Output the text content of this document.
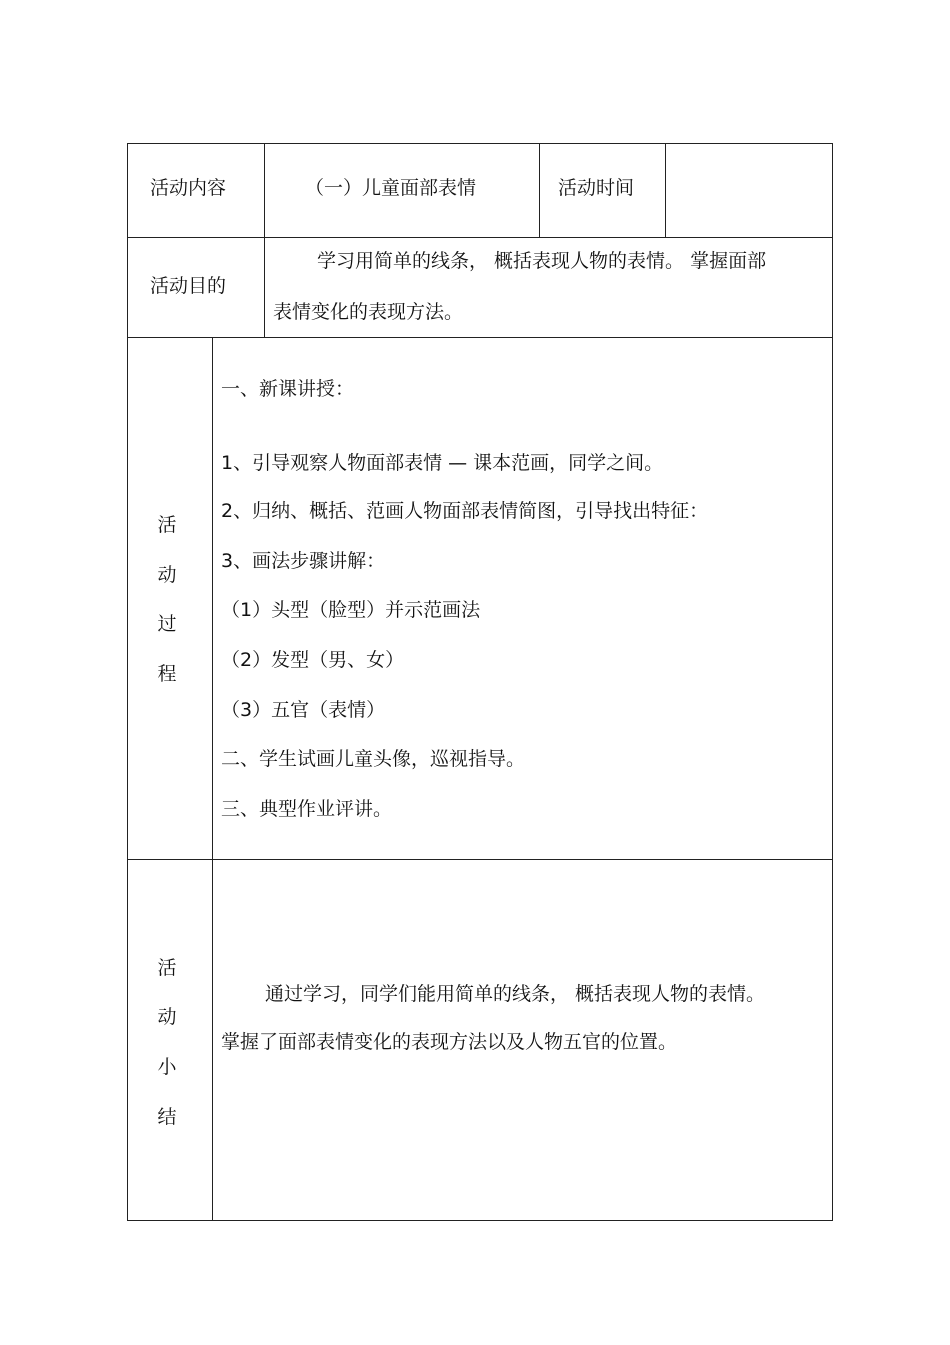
活动内容	（一）儿童面部表情	活动时间
活动目的
学习用简单的线条， 概括表现人物的表情。 掌握面部
表情变化的表现方法。
活
动
过
程
一、新课讲授：
1、引导观察人物面部表情 — 课本范画，同学之间。
2、归纳、概括、范画人物面部表情简图，引导找出特征：
3、画法步骤讲解：
（1）头型（脸型）并示范画法
（2）发型（男、女）
（3）五官（表情）
二、学生试画儿童头像，巡视指导。
三、典型作业评讲。
活
动
小
结
通过学习，同学们能用简单的线条， 概括表现人物的表情。
掌握了面部表情变化的表现方法以及人物五官的位置。
